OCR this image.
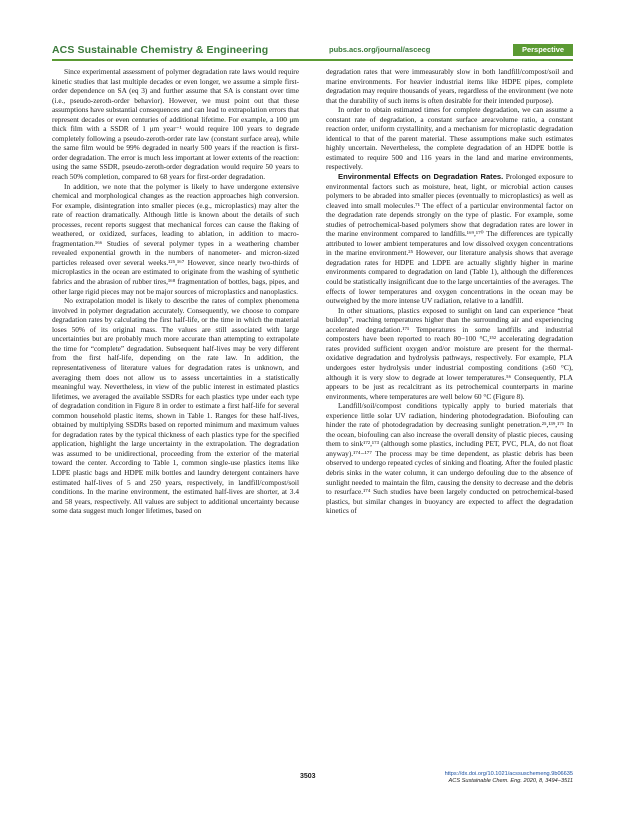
ACS Sustainable Chemistry & Engineering	pubs.acs.org/journal/ascecg	Perspective

Since experimental assessment of polymer degradation rate laws would require kinetic studies that last multiple decades or even longer, we assume a simple first-order dependence on SA (eq 3) and further assume that SA is constant over time (i.e., pseudo-zeroth-order behavior). However, we must point out that these assumptions have substantial consequences and can lead to extrapolation errors that represent decades or even centuries of additional lifetime. For example, a 100 μm thick film with a SSDR of 1 μm year⁻¹ would require 100 years to degrade completely following a pseudo-zeroth-order rate law (constant surface area), while the same film would be 99% degraded in nearly 500 years if the reaction is first-order degradation. The error is much less important at lower extents of the reaction: using the same SSDR, pseudo-zeroth-order degradation would require 50 years to reach 50% completion, compared to 68 years for first-order degradation.

In addition, we note that the polymer is likely to have undergone extensive chemical and morphological changes as the reaction approaches high conversion. For example, disintegration into smaller pieces (e.g., microplastics) may alter the rate of reaction dramatically. Although little is known about the details of such processes, recent reports suggest that mechanical forces can cause the flaking of weathered, or oxidized, surfaces, leading to ablation, in addition to macro-fragmentation.¹⁶⁶ Studies of several polymer types in a weathering chamber revealed exponential growth in the numbers of nanometer- and micron-sized particles released over several weeks.¹²⁵,¹⁶⁷ However, since nearly two-thirds of microplastics in the ocean are estimated to originate from the washing of synthetic fabrics and the abrasion of rubber tires,¹⁶⁸ fragmentation of bottles, bags, pipes, and other large rigid pieces may not be major sources of microplastics and nanoplastics.

No extrapolation model is likely to describe the rates of complex phenomena involved in polymer degradation accurately. Consequently, we choose to compare degradation rates by calculating the first half-life, or the time in which the material loses 50% of its original mass. The values are still associated with large uncertainties but are probably much more accurate than attempting to extrapolate the time for “complete” degradation. Subsequent half-lives may be very different from the first half-life, depending on the rate law. In addition, the representativeness of literature values for degradation rates is unknown, and averaging them does not allow us to assess uncertainties in a statistically meaningful way. Nevertheless, in view of the public interest in estimated plastics lifetimes, we averaged the available SSDRs for each plastics type under each type of degradation condition in Figure 8 in order to estimate a first half-life for several common household plastic items, shown in Table 1. Ranges for these half-lives, obtained by multiplying SSDRs based on reported minimum and maximum values for degradation rates by the typical thickness of each plastics type for the specified application, highlight the large uncertainty in the extrapolation. The degradation was assumed to be unidirectional, proceeding from the exterior of the material toward the center. According to Table 1, common single-use plastics items like LDPE plastic bags and HDPE milk bottles and laundry detergent containers have estimated half-lives of 5 and 250 years, respectively, in landfill/compost/soil conditions. In the marine environment, the estimated half-lives are shorter, at 3.4 and 58 years, respectively. All values are subject to additional uncertainty because some data suggest much longer lifetimes, based on

degradation rates that were immeasurably slow in both landfill/compost/soil and marine environments. For heavier industrial items like HDPE pipes, complete degradation may require thousands of years, regardless of the environment (we note that the durability of such items is often desirable for their intended purpose).

In order to obtain estimated times for complete degradation, we can assume a constant rate of degradation, a constant surface area:volume ratio, a constant reaction order, uniform crystallinity, and a mechanism for microplastic degradation identical to that of the parent material. These assumptions make such estimates highly uncertain. Nevertheless, the complete degradation of an HDPE bottle is estimated to require 500 and 116 years in the land and marine environments, respectively.

Environmental Effects on Degradation Rates. Prolonged exposure to environmental factors such as moisture, heat, light, or microbial action causes polymers to be abraded into smaller pieces (eventually to microplastics) as well as cleaved into small molecules.⁷¹ The effect of a particular environmental factor on the degradation rate depends strongly on the type of plastic. For example, some studies of petrochemical-based polymers show that degradation rates are lower in the marine environment compared to landfills.¹⁶⁹,¹⁷⁰ The differences are typically attributed to lower ambient temperatures and low dissolved oxygen concentrations in the marine environment.²⁵ However, our literature analysis shows that average degradation rates for HDPE and LDPE are actually slightly higher in marine environments compared to degradation on land (Table 1), although the differences could be statistically insignificant due to the large uncertainties of the averages. The effects of lower temperatures and oxygen concentrations in the ocean may be outweighed by the more intense UV radiation, relative to a landfill.

In other situations, plastics exposed to sunlight on land can experience “heat buildup”, reaching temperatures higher than the surrounding air and experiencing accelerated degradation.¹⁷¹ Temperatures in some landfills and industrial composters have been reported to reach 80−100 °C,¹⁵² accelerating degradation rates provided sufficient oxygen and/or moisture are present for the thermal-oxidative degradation and hydrolysis pathways, respectively. For example, PLA undergoes ester hydrolysis under industrial composting conditions (≥60 °C), although it is very slow to degrade at lower temperatures.⁵⁶ Consequently, PLA appears to be just as recalcitrant as its petrochemical counterparts in marine environments, where temperatures are well below 60 °C (Figure 8).

Landfill/soil/compost conditions typically apply to buried materials that experience little solar UV radiation, hindering photodegradation. Biofouling can hinder the rate of photodegradation by decreasing sunlight penetration.²⁵,¹³⁹,¹⁷¹ In the ocean, biofouling can also increase the overall density of plastic pieces, causing them to sink¹⁷²,¹⁷³ (although some plastics, including PET, PVC, PLA, do not float anyway).¹⁷⁴−¹⁷⁷ The process may be time dependent, as plastic debris has been observed to undergo repeated cycles of sinking and floating. After the fouled plastic debris sinks in the water column, it can undergo defouling due to the absence of sunlight needed to maintain the film, causing the density to decrease and the debris to resurface.¹⁷⁴ Such studies have been largely conducted on petrochemical-based plastics, but similar changes in buoyancy are expected to affect the degradation kinetics of

3503	https://dx.doi.org/10.1021/acssuschemeng.9b06635
ACS Sustainable Chem. Eng. 2020, 8, 3494−3511
